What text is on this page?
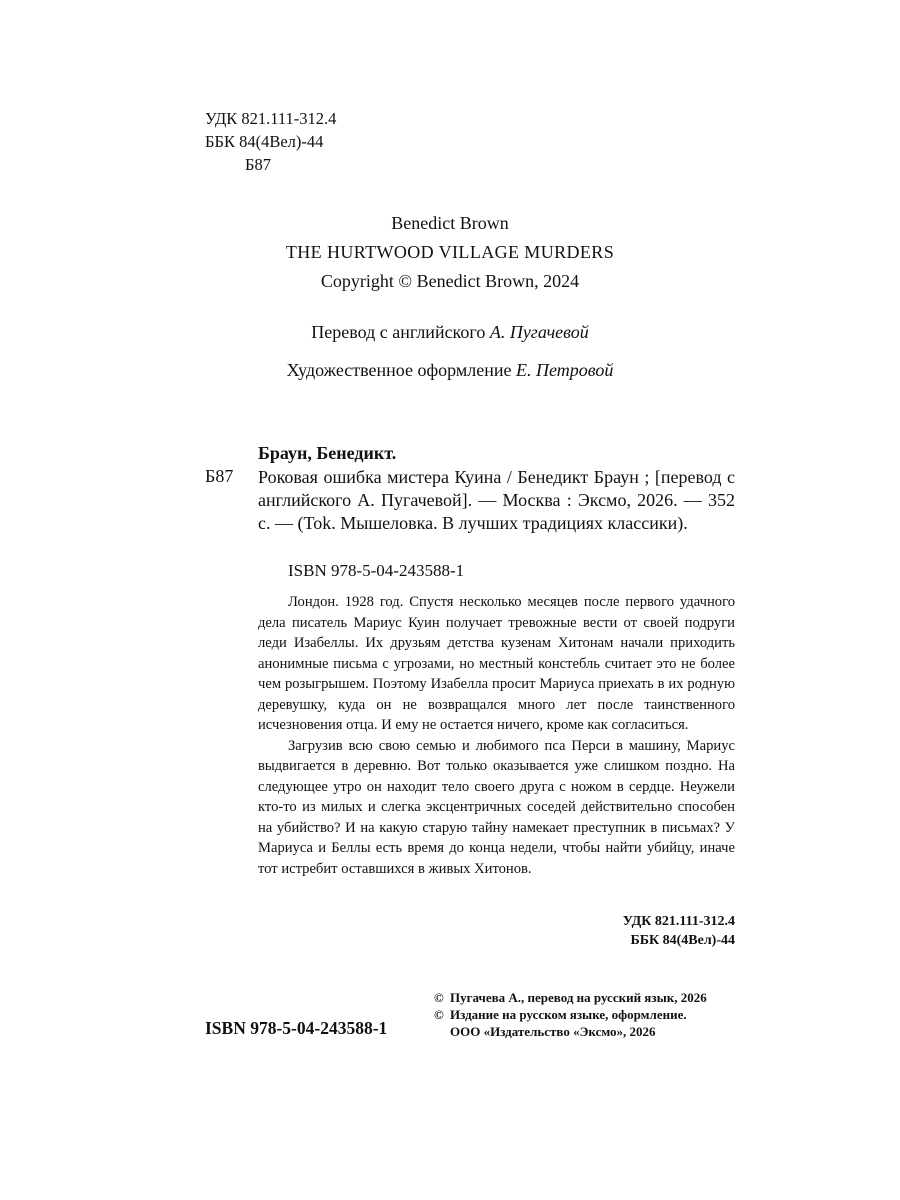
УДК 821.111-312.4
ББК 84(4Вел)-44
Б87
Benedict Brown
THE HURTWOOD VILLAGE MURDERS
Copyright © Benedict Brown, 2024
Перевод с английского А. Пугачевой
Художественное оформление Е. Петровой
Браун, Бенедикт.
Б87 Роковая ошибка мистера Куина / Бенедикт Браун ; [перевод с английского А. Пугачевой]. — Москва : Эксмо, 2026. — 352 с. — (Tok. Мышеловка. В лучших традициях классики).
ISBN 978-5-04-243588-1

Лондон. 1928 год. Спустя несколько месяцев после первого удачного дела писатель Мариус Куин получает тревожные вести от своей подруги леди Изабеллы. Их друзьям детства кузенам Хитонам начали приходить анонимные письма с угрозами, но местный констебль считает это не более чем розыгрышем. Поэтому Изабелла просит Мариуса приехать в их родную деревушку, куда он не возвращался много лет после таинственного исчезновения отца. И ему не остается ничего, кроме как согласиться.

Загрузив всю свою семью и любимого пса Перси в машину, Мариус выдвигается в деревню. Вот только оказывается уже слишком поздно. На следующее утро он находит тело своего друга с ножом в сердце. Неужели кто-то из милых и слегка эксцентричных соседей действительно способен на убийство? И на какую старую тайну намекает преступник в письмах? У Мариуса и Беллы есть время до конца недели, чтобы найти убийцу, иначе тот истребит оставшихся в живых Хитонов.

УДК 821.111-312.4
ББК 84(4Вел)-44
ISBN 978-5-04-243588-1
© Пугачева А., перевод на русский язык, 2026
© Издание на русском языке, оформление.
ООО «Издательство «Эксмо», 2026
